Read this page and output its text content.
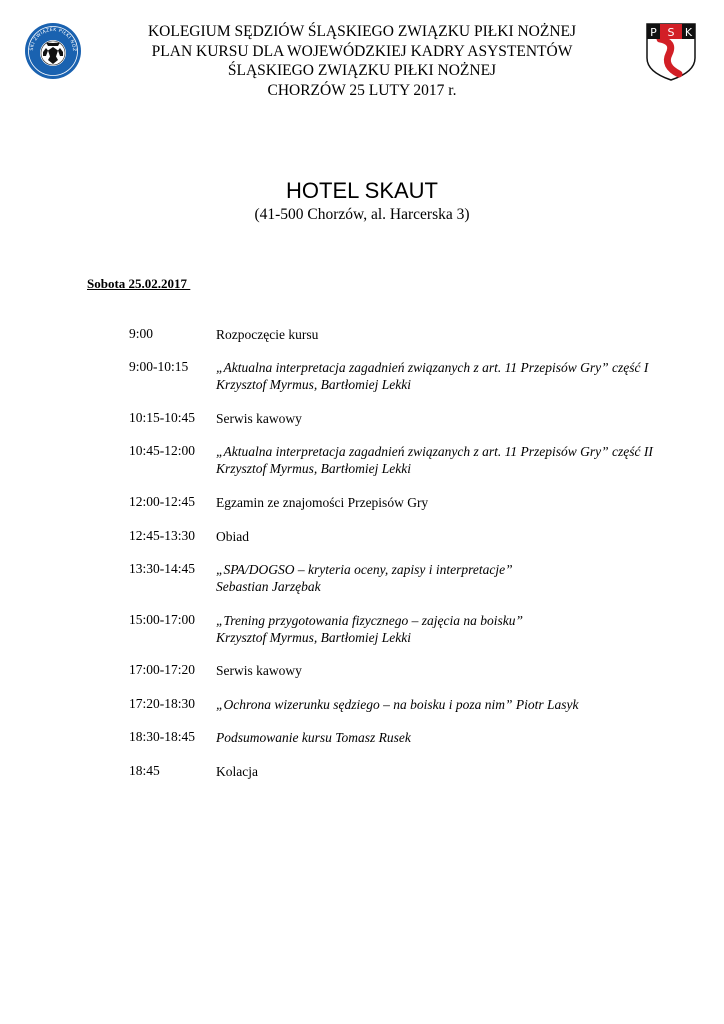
SKI ZWIĄZEK PIŁKI NOŻ
P S K
KOLEGIUM SĘDZIÓW ŚLĄSKIEGO ZWIĄZKU PIŁKI NOŻNEJ
PLAN KURSU DLA WOJEWÓDZKIEJ KADRY ASYSTENTÓW
ŚLĄSKIEGO ZWIĄZKU PIŁKI NOŻNEJ
CHORZÓW 25 LUTY 2017 r.
HOTEL SKAUT
(41-500 Chorzów, al. Harcerska 3)
Sobota 25.02.2017
9:00	Rozpoczęcie kursu
9:00-10:15 „Aktualna interpretacja zagadnień związanych z art. 11 Przepisów Gry” część I
Krzysztof Myrmus, Bartłomiej Lekki
10:15-10:45 Serwis kawowy
10:45-12:00 „Aktualna interpretacja zagadnień związanych z art. 11 Przepisów Gry” część II
Krzysztof Myrmus, Bartłomiej Lekki
12:00-12:45 Egzamin ze znajomości Przepisów Gry
12:45-13:30 Obiad
13:30-14:45 „SPA/DOGSO – kryteria oceny, zapisy i interpretacje”
Sebastian Jarzębak
15:00-17:00 „Trening przygotowania fizycznego – zajęcia na boisku”
Krzysztof Myrmus, Bartłomiej Lekki
17:00-17:20 Serwis kawowy
17:20-18:30 „Ochrona wizerunku sędziego – na boisku i poza nim” Piotr Lasyk
18:30-18:45 Podsumowanie kursu Tomasz Rusek
18:45	Kolacja
